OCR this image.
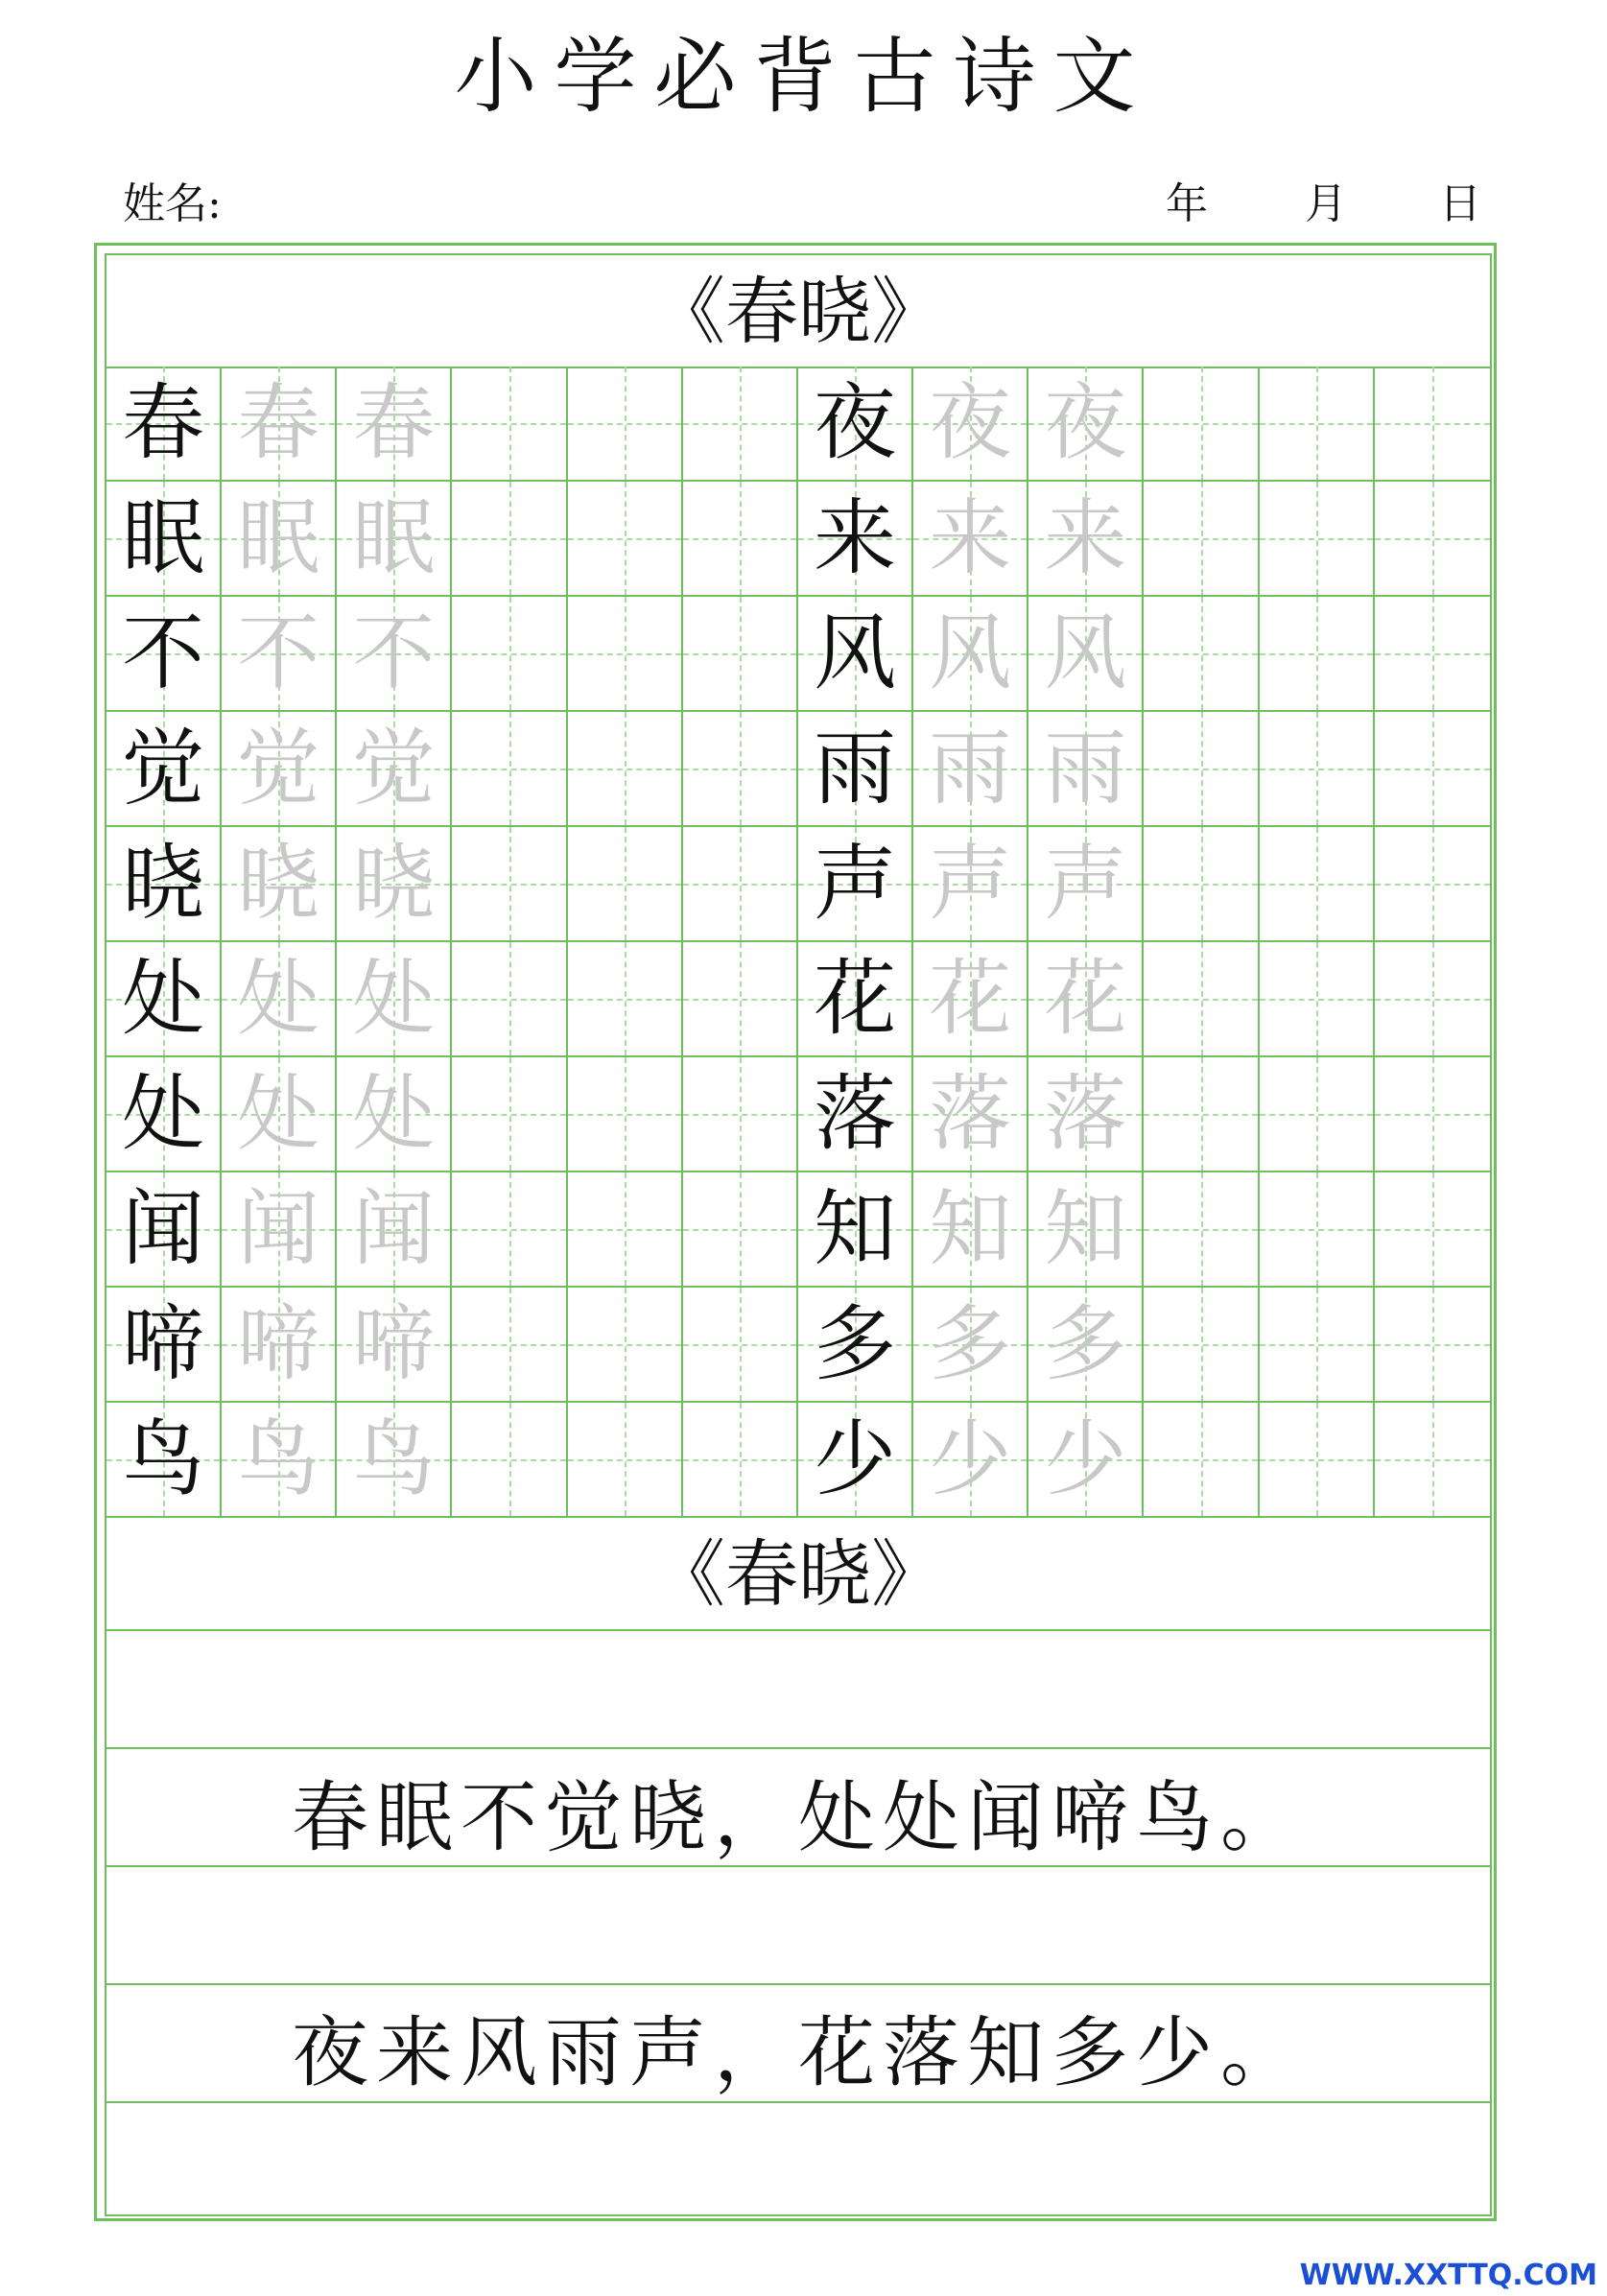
小学必背古诗文
姓名:	年 月 日
《春晓》
春 春 春	夜 夜 夜
眠 眠 眠	来 来 来
不 不 不	风 风 风
觉 觉 觉	雨 雨 雨
晓 晓 晓	声 声 声
处 处 处	花 花 花
处 处 处	落 落 落
闻 闻 闻	知 知 知
啼 啼 啼	多 多 多
鸟 鸟 鸟	少 少 少
《春晓》
春眠不觉晓，处处闻啼鸟。
夜来风雨声，花落知多少。
WWW.XXTTQ.COM
